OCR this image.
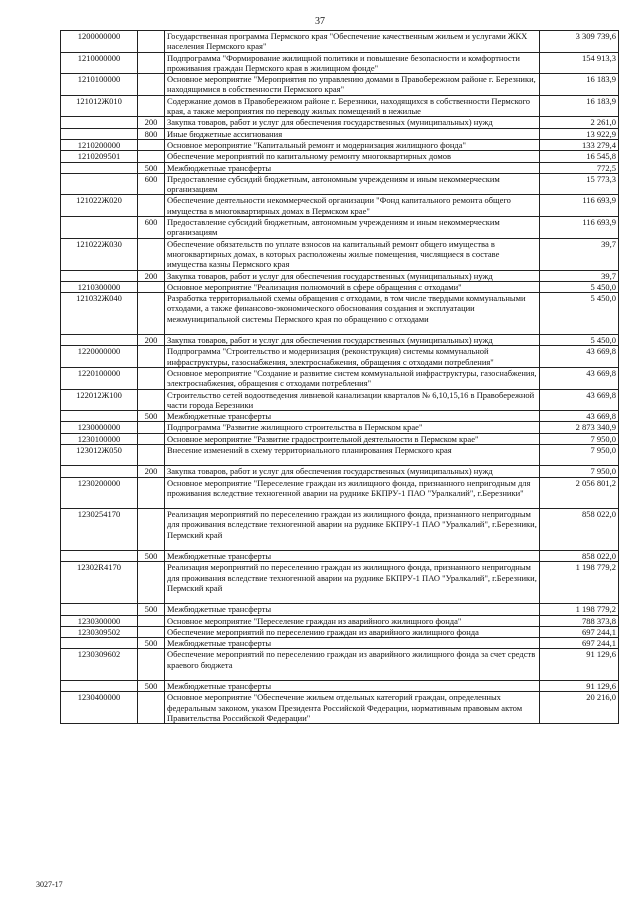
37
1200000000		Государственная программа Пермского края "Обеспечение качественным жильем и услугами ЖКХ населения Пермского края"	3 309 739,6
1210000000		Подпрограмма "Формирование жилищной политики и повышение безопасности и комфортности проживания граждан Пермского края в жилищном фонде"	154 913,3
1210100000		Основное мероприятие "Мероприятия по управлению домами в Правобережном районе г. Березники, находящимися в собственности Пермского края"	16 183,9
121012Ж010		Содержание домов в Правобережном районе г. Березники, находящихся в собственности Пермского края, а также мероприятия по переводу жилых помещений в нежилые	16 183,9
	200	Закупка товаров, работ и услуг для обеспечения государственных (муниципальных) нужд	2 261,0
	800	Иные бюджетные ассигнования	13 922,9
1210200000		Основное мероприятие "Капитальный ремонт и модернизация жилищного фонда"	133 279,4
1210209501		Обеспечение мероприятий по капитальному ремонту многоквартирных домов	16 545,8
	500	Межбюджетные трансферты	772,5
	600	Предоставление субсидий бюджетным, автономным учреждениям и иным некоммерческим организациям	15 773,3
121022Ж020		Обеспечение деятельности некоммерческой организации "Фонд капитального ремонта общего имущества в многоквартирных домах в Пермском крае"	116 693,9
	600	Предоставление субсидий бюджетным, автономным учреждениям и иным некоммерческим организациям	116 693,9
121022Ж030		Обеспечение обязательств по уплате взносов на капитальный ремонт общего имущества в многоквартирных домах, в которых расположены жилые помещения, числящиеся в составе имущества казны Пермского края	39,7
	200	Закупка товаров, работ и услуг для обеспечения государственных (муниципальных) нужд	39,7
1210300000		Основное мероприятие "Реализация полномочий в сфере обращения с отходами"	5 450,0
121032Ж040		Разработка территориальной схемы обращения с отходами, в том числе твердыми коммунальными отходами, а также финансово-экономического обоснования создания и эксплуатации межмуниципальной системы Пермского края по обращению с отходами	5 450,0
	200	Закупка товаров, работ и услуг для обеспечения государственных (муниципальных) нужд	5 450,0
1220000000		Подпрограмма "Строительство и модернизация (реконструкция) системы коммунальной инфраструктуры, газоснабжения, электроснабжения, обращения с отходами потребления"	43 669,8
1220100000		Основное мероприятие "Создание и развитие систем коммунальной инфраструктуры, газоснабжения, электроснабжения, обращения с отходами потребления"	43 669,8
122012Ж100		Строительство сетей водоотведения ливневой канализации кварталов № 6,10,15,16 в Правобережной части города Березники	43 669,8
	500	Межбюджетные трансферты	43 669,8
1230000000		Подпрограмма "Развитие жилищного строительства в Пермском крае"	2 873 340,9
1230100000		Основное мероприятие "Развитие градостроительной деятельности в Пермском крае"	7 950,0
123012Ж050		Внесение изменений в схему территориального планирования Пермского края	7 950,0
	200	Закупка товаров, работ и услуг для обеспечения государственных (муниципальных) нужд	7 950,0
1230200000		Основное мероприятие "Переселение граждан из жилищного фонда, признанного непригодным для проживания вследствие техногенной аварии на руднике БКПРУ-1 ПАО "Уралкалий", г.Березники"	2 056 801,2
1230254170		Реализация мероприятий по переселению граждан из жилищного фонда, признанного непригодным для проживания вследствие техногенной аварии на руднике БКПРУ-1 ПАО "Уралкалий", г.Березники, Пермский край	858 022,0
	500	Межбюджетные трансферты	858 022,0
12302R4170		Реализация мероприятий по переселению граждан из жилищного фонда, признанного непригодным для проживания вследствие техногенной аварии на руднике БКПРУ-1 ПАО "Уралкалий", г.Березники, Пермский край	1 198 779,2
	500	Межбюджетные трансферты	1 198 779,2
1230300000		Основное мероприятие "Переселение граждан из аварийного жилищного фонда"	788 373,8
1230309502		Обеспечение мероприятий по переселению граждан из аварийного жилищного фонда	697 244,1
	500	Межбюджетные трансферты	697 244,1
1230309602		Обеспечение мероприятий по переселению граждан из аварийного жилищного фонда за счет средств краевого бюджета	91 129,6
	500	Межбюджетные трансферты	91 129,6
1230400000		Основное мероприятие "Обеспечение жильем отдельных категорий граждан, определенных федеральным законом, указом Президента Российской Федерации, нормативным правовым актом Правительства Российской Федерации"	20 216,0
3027-17
